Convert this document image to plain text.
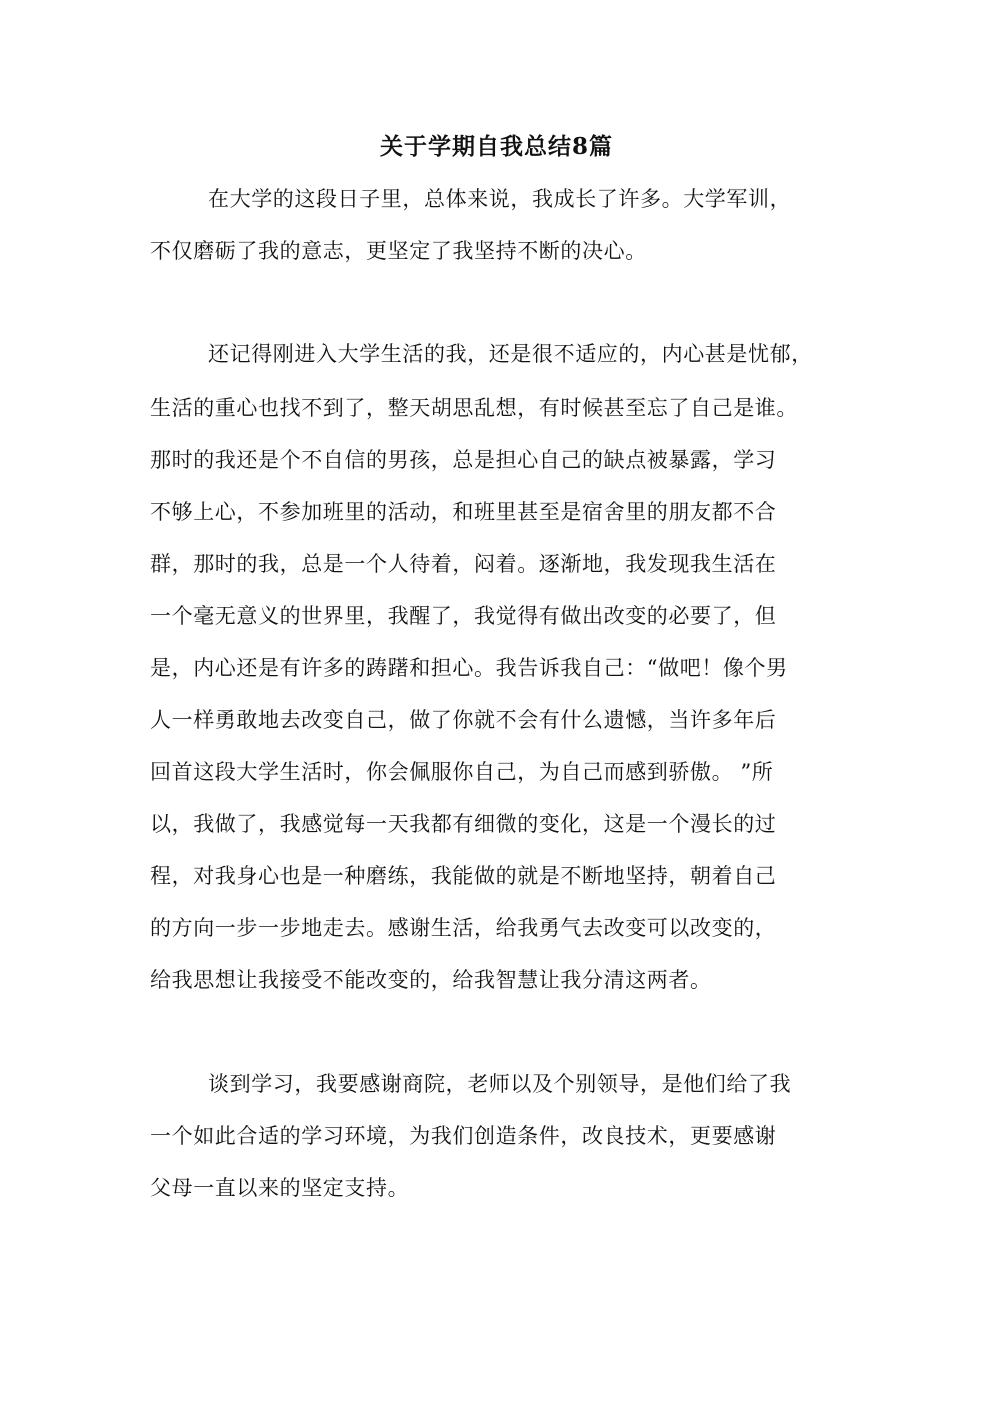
关于学期自我总结8篇
在大学的这段日子里，总体来说，我成长了许多。大学军训，
不仅磨砺了我的意志，更坚定了我坚持不断的决心。
还记得刚进入大学生活的我，还是很不适应的，内心甚是忧郁，
生活的重心也找不到了，整天胡思乱想，有时候甚至忘了自己是谁。
那时的我还是个不自信的男孩，总是担心自己的缺点被暴露，学习
不够上心，不参加班里的活动，和班里甚至是宿舍里的朋友都不合
群，那时的我，总是一个人待着，闷着。逐渐地，我发现我生活在
一个毫无意义的世界里，我醒了，我觉得有做出改变的必要了，但
是，内心还是有许多的踌躇和担心。我告诉我自己：“做吧！像个男
人一样勇敢地去改变自己，做了你就不会有什么遗憾，当许多年后
回首这段大学生活时，你会佩服你自己，为自己而感到骄傲。 ”所
以，我做了，我感觉每一天我都有细微的变化，这是一个漫长的过
程，对我身心也是一种磨练，我能做的就是不断地坚持，朝着自己
的方向一步一步地走去。感谢生活，给我勇气去改变可以改变的，
给我思想让我接受不能改变的，给我智慧让我分清这两者。
谈到学习，我要感谢商院，老师以及个别领导，是他们给了我
一个如此合适的学习环境，为我们创造条件，改良技术，更要感谢
父母一直以来的坚定支持。
